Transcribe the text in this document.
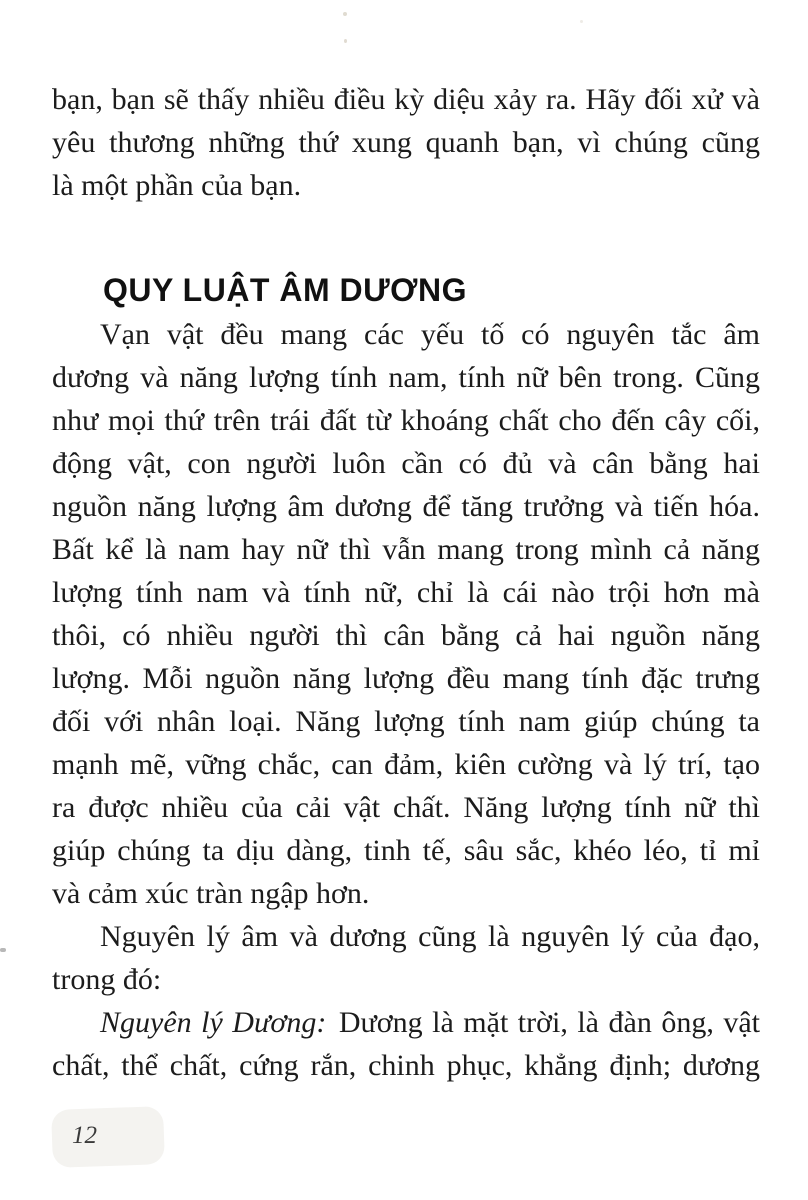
bạn, bạn sẽ thấy nhiều điều kỳ diệu xảy ra. Hãy đối xử và
yêu thương những thứ xung quanh bạn, vì chúng cũng
là một phần của bạn.
QUY LUẬT ÂM DƯƠNG
Vạn vật đều mang các yếu tố có nguyên tắc âm
dương và năng lượng tính nam, tính nữ bên trong. Cũng
như mọi thứ trên trái đất từ khoáng chất cho đến cây cối,
động vật, con người luôn cần có đủ và cân bằng hai
nguồn năng lượng âm dương để tăng trưởng và tiến hóa.
Bất kể là nam hay nữ thì vẫn mang trong mình cả năng
lượng tính nam và tính nữ, chỉ là cái nào trội hơn mà
thôi, có nhiều người thì cân bằng cả hai nguồn năng
lượng. Mỗi nguồn năng lượng đều mang tính đặc trưng
đối với nhân loại. Năng lượng tính nam giúp chúng ta
mạnh mẽ, vững chắc, can đảm, kiên cường và lý trí, tạo
ra được nhiều của cải vật chất. Năng lượng tính nữ thì
giúp chúng ta dịu dàng, tinh tế, sâu sắc, khéo léo, tỉ mỉ
và cảm xúc tràn ngập hơn.
Nguyên lý âm và dương cũng là nguyên lý của đạo,
trong đó:
Nguyên lý Dương: Dương là mặt trời, là đàn ông, vật
chất, thể chất, cứng rắn, chinh phục, khẳng định; dương
12
